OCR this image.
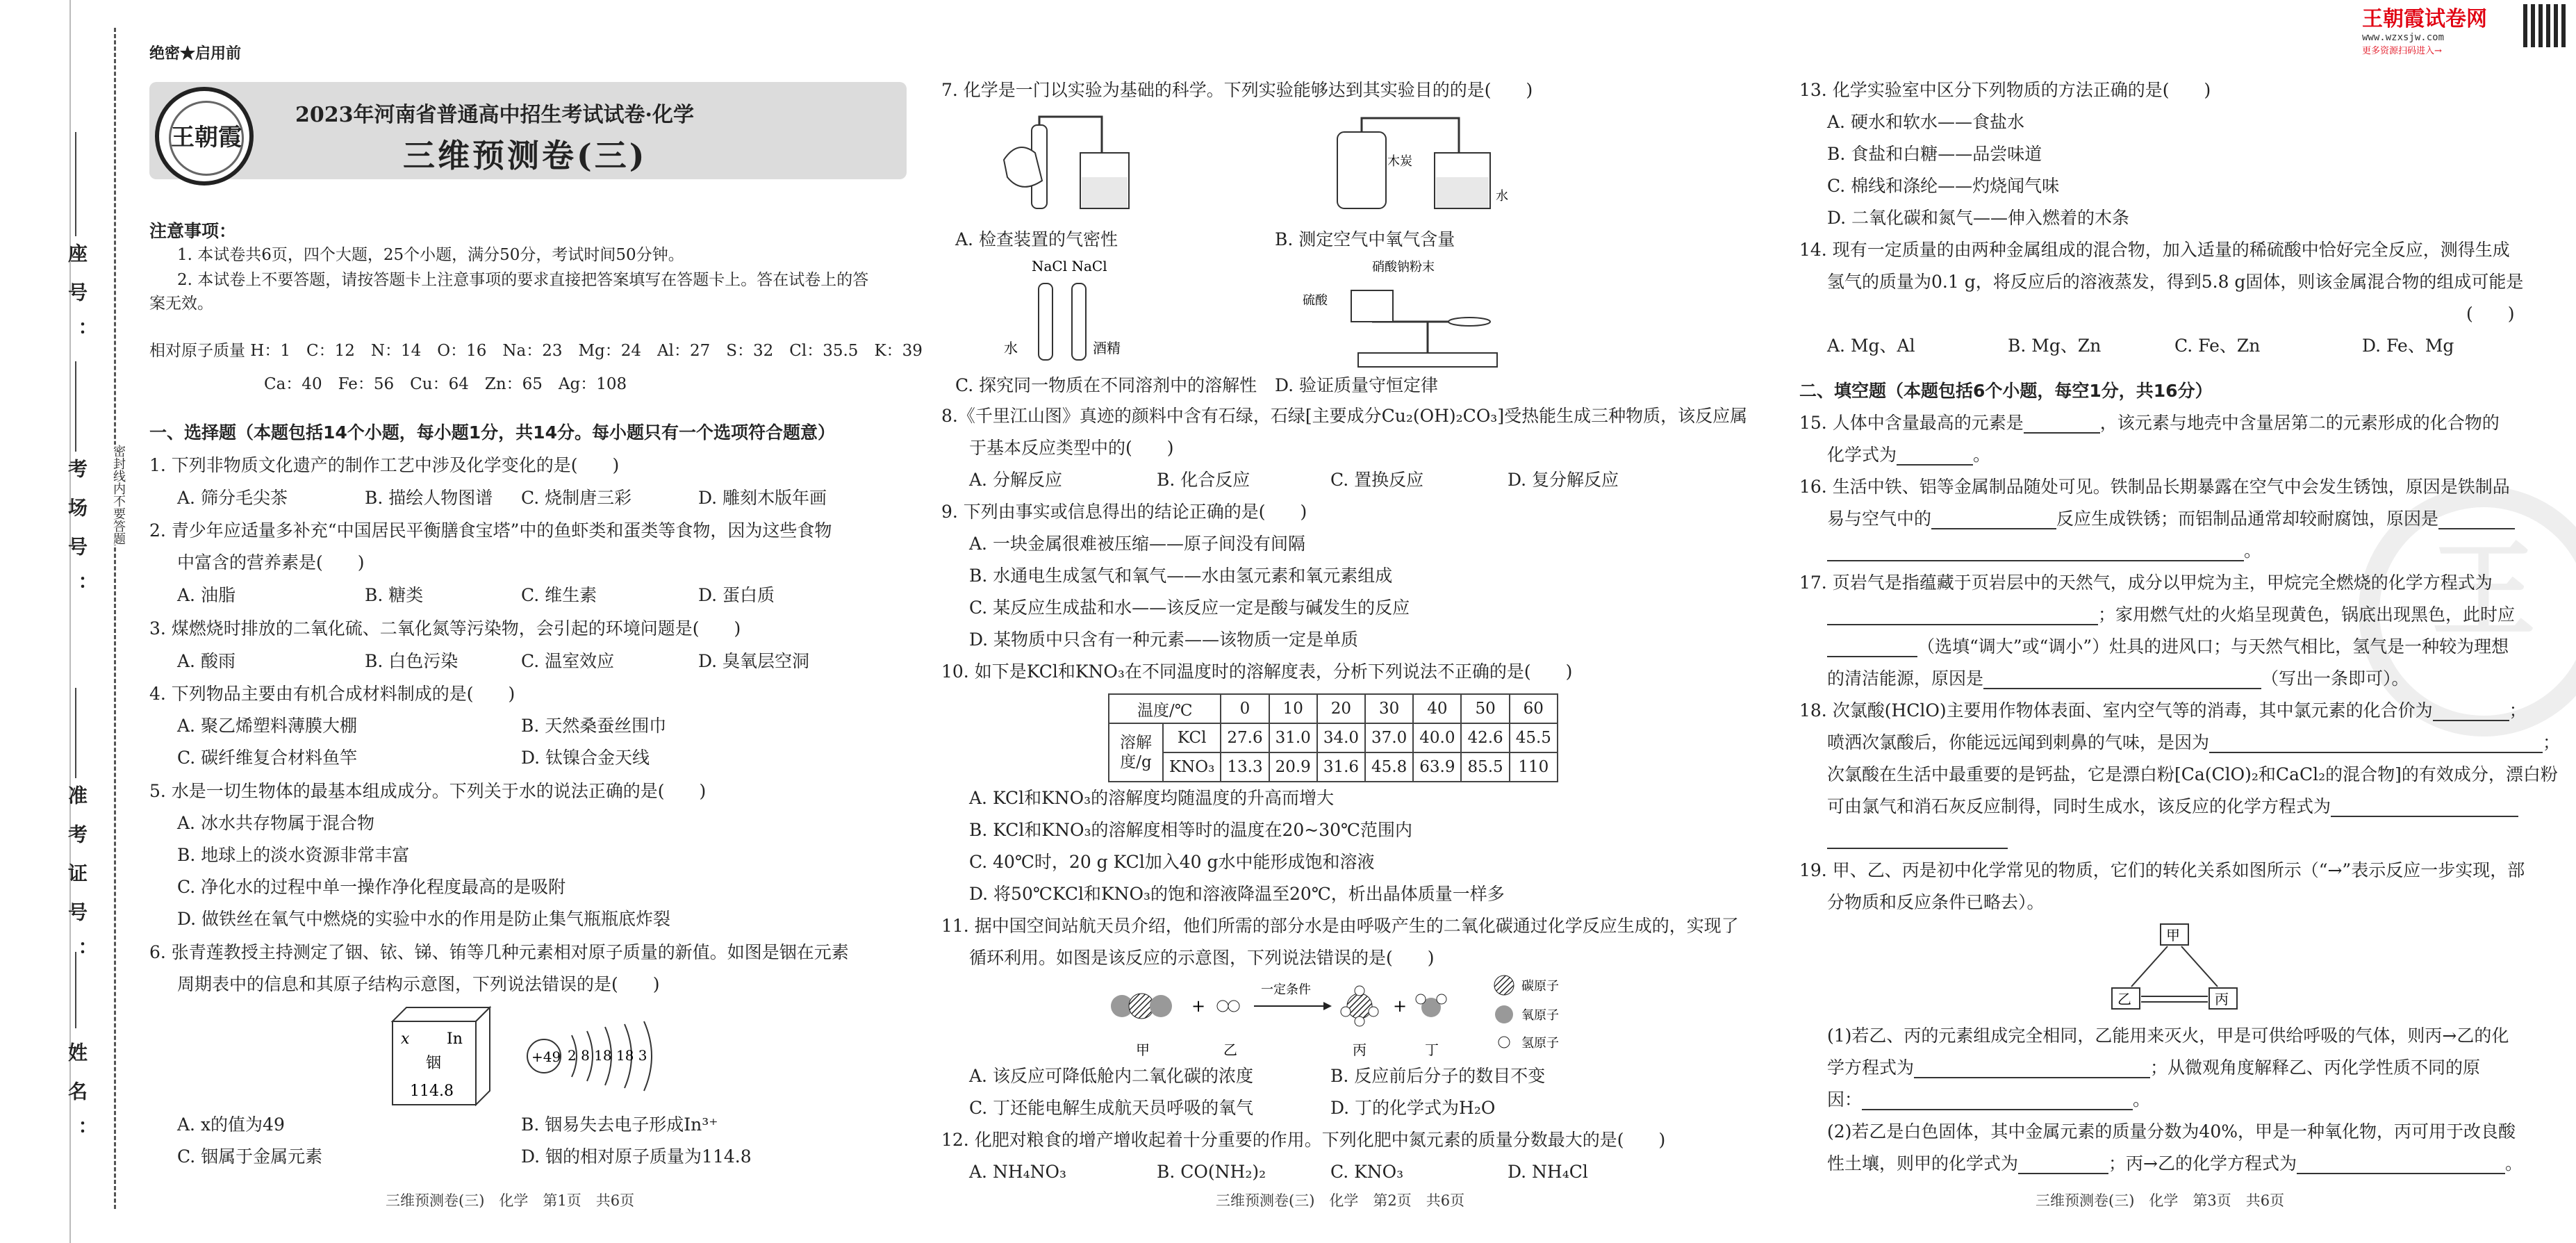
座号：
考场号：
准考证号：
姓名：
密封线内不要答题
王朝霞试卷网
www.wzxsjw.com
更多资源扫码进入→
王
绝密★启用前
王朝霞
2023年河南省普通高中招生考试试卷·化学
三维预测卷(三)
注意事项：
1. 本试卷共6页，四个大题，25个小题，满分50分，考试时间50分钟。
2. 本试卷上不要答题，请按答题卡上注意事项的要求直接把答案填写在答题卡上。答在试卷上的答
案无效。
相对原子质量 H：1　C：12　N：14　O：16　Na：23　Mg：24　Al：27　S：32　Cl：35.5　K：39
Ca：40　Fe：56　Cu：64　Zn：65　Ag：108
一、选择题（本题包括14个小题，每小题1分，共14分。每小题只有一个选项符合题意）
1. 下列非物质文化遗产的制作工艺中涉及化学变化的是(　　)
A. 筛分毛尖茶	B. 描绘人物图谱 C. 烧制唐三彩	D. 雕刻木版年画
2. 青少年应适量多补充“中国居民平衡膳食宝塔”中的鱼虾类和蛋类等食物，因为这些食物
中富含的营养素是(　　)
A. 油脂	B. 糖类	C. 维生素	D. 蛋白质
3. 煤燃烧时排放的二氧化硫、二氧化氮等污染物，会引起的环境问题是(　　)
A. 酸雨	B. 白色污染	C. 温室效应	D. 臭氧层空洞
4. 下列物品主要由有机合成材料制成的是(　　)
A. 聚乙烯塑料薄膜大棚	B. 天然桑蚕丝围巾
C. 碳纤维复合材料鱼竿	D. 钛镍合金天线
5. 水是一切生物体的最基本组成成分。下列关于水的说法正确的是(　　)
A. 冰水共存物属于混合物
B. 地球上的淡水资源非常丰富
C. 净化水的过程中单一操作净化程度最高的是吸附
D. 做铁丝在氧气中燃烧的实验中水的作用是防止集气瓶瓶底炸裂
6. 张青莲教授主持测定了铟、铱、锑、铕等几种元素相对原子质量的新值。如图是铟在元素
周期表中的信息和其原子结构示意图，下列说法错误的是(　　)
x In
铟
114.8
+49 2 8 18 18 3
A. x的值为49	B. 铟易失去电子形成In³⁺
C. 铟属于金属元素	D. 铟的相对原子质量为114.8
三维预测卷(三)　化学　第1页　共6页
7. 化学是一门以实验为基础的科学。下列实验能够达到其实验目的的是(　　)
A. 检查装置的气密性
木炭
水
B. 测定空气中氧气含量
NaCl NaCl
水	酒精
C. 探究同一物质在不同溶剂中的溶解性
硝酸钠粉末
硫酸
D. 验证质量守恒定律
8.《千里江山图》真迹的颜料中含有石绿，石绿[主要成分Cu₂(OH)₂CO₃]受热能生成三种物质，该反应属
于基本反应类型中的(　　)
A. 分解反应	B. 化合反应	C. 置换反应	D. 复分解反应
9. 下列由事实或信息得出的结论正确的是(　　)
A. 一块金属很难被压缩——原子间没有间隔
B. 水通电生成氢气和氧气——水由氢元素和氧元素组成
C. 某反应生成盐和水——该反应一定是酸与碱发生的反应
D. 某物质中只含有一种元素——该物质一定是单质
10. 如下是KCl和KNO₃在不同温度时的溶解度表，分析下列说法不正确的是(　　)
温度/℃		0	10	20	30	40	50	60
溶解度/g	KCl	27.6	31.0	34.0	37.0	40.0	42.6	45.5
	KNO₃	13.3	20.9	31.6	45.8	63.9	85.5	110
A. KCl和KNO₃的溶解度均随温度的升高而增大
B. KCl和KNO₃的溶解度相等时的温度在20~30℃范围内
C. 40℃时，20 g KCl加入40 g水中能形成饱和溶液
D. 将50℃KCl和KNO₃的饱和溶液降温至20℃，析出晶体质量一样多
11. 据中国空间站航天员介绍，他们所需的部分水是由呼吸产生的二氧化碳通过化学反应生成的，实现了
循环利用。如图是该反应的示意图，下列说法错误的是(　　)
+
一定条件
+
甲	乙	丙	丁
碳原子
氧原子
氢原子
A. 该反应可降低舱内二氧化碳的浓度	B. 反应前后分子的数目不变
C. 丁还能电解生成航天员呼吸的氧气	D. 丁的化学式为H₂O
12. 化肥对粮食的增产增收起着十分重要的作用。下列化肥中氮元素的质量分数最大的是(　　)
A. NH₄NO₃	B. CO(NH₂)₂	C. KNO₃	D. NH₄Cl
三维预测卷(三)　化学　第2页　共6页
13. 化学实验室中区分下列物质的方法正确的是(　　)
A. 硬水和软水——食盐水
B. 食盐和白糖——品尝味道
C. 棉线和涤纶——灼烧闻气味
D. 二氧化碳和氮气——伸入燃着的木条
14. 现有一定质量的由两种金属组成的混合物，加入适量的稀硫酸中恰好完全反应，测得生成
氢气的质量为0.1 g，将反应后的溶液蒸发，得到5.8 g固体，则该金属混合物的组成可能是
(　　)
A. Mg、Al	B. Mg、Zn	C. Fe、Zn	D. Fe、Mg
二、填空题（本题包括6个小题，每空1分，共16分）
15. 人体中含量最高的元素是	，该元素与地壳中含量居第二的元素形成的化合物的
化学式为	。
16. 生活中铁、铝等金属制品随处可见。铁制品长期暴露在空气中会发生锈蚀，原因是铁制品
易与空气中的	反应生成铁锈；而铝制品通常却较耐腐蚀，原因是
。
17. 页岩气是指蕴藏于页岩层中的天然气，成分以甲烷为主，甲烷完全燃烧的化学方程式为
；家用燃气灶的火焰呈现黄色，锅底出现黑色，此时应
（选填“调大”或“调小”）灶具的进风口；与天然气相比，氢气是一种较为理想
的清洁能源，原因是	（写出一条即可）。
18. 次氯酸(HClO)主要用作物体表面、室内空气等的消毒，其中氯元素的化合价为	；
喷洒次氯酸后，你能远远闻到刺鼻的气味，是因为	；
次氯酸在生活中最重要的是钙盐，它是漂白粉[Ca(ClO)₂和CaCl₂的混合物]的有效成分，漂白粉
可由氯气和消石灰反应制得，同时生成水，该反应的化学方程式为
19. 甲、乙、丙是初中化学常见的物质，它们的转化关系如图所示（“→”表示反应一步实现，部
分物质和反应条件已略去）。
甲
乙	丙
(1)若乙、丙的元素组成完全相同，乙能用来灭火，甲是可供给呼吸的气体，则丙→乙的化
学方程式为	；从微观角度解释乙、丙化学性质不同的原
因：	。
(2)若乙是白色固体，其中金属元素的质量分数为40%，甲是一种氧化物，丙可用于改良酸
性土壤，则甲的化学式为	；丙→乙的化学方程式为	。
三维预测卷(三)　化学　第3页　共6页
